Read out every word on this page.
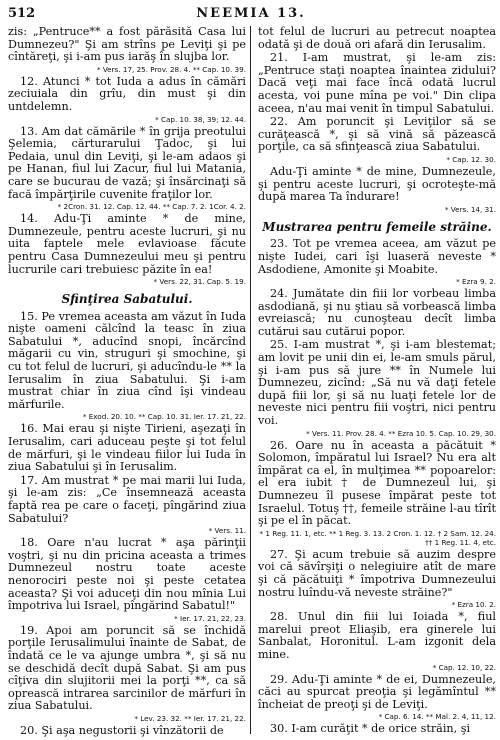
512	NEEMIA 13.

zis: „Pentruce** a fost părăsită Casa lui Dumnezeu?" Şi am strîns pe Leviţi şi pe cîntăreţi, şi i-am pus iarăş în slujba lor.

* Vers. 17, 25. Prov. 28. 4. ** Cap. 10. 39.

12. Atunci * tot Iuda a adus în cămări zeciuiala din grîu, din must şi din untdelemn.

* Cap. 10. 38, 39; 12. 44.

13. Am dat cămările * în grija preotului Şelemia, cărturarului Ţadoc, şi lui Pedaia, unul din Leviţi, şi le-am adaos şi pe Hanan, fiul lui Zacur, fiul lui Matania, care se bucurau de vază; şi însărcinaţi să facă împărţirile cuvenite fraţilor lor.

* 2Cron. 31. 12. Cap. 12. 44. ** Cap. 7. 2. 1Cor. 4. 2.

14. Adu-Ţi aminte * de mine, Dumnezeule, pentru aceste lucruri, şi nu uita faptele mele evlavioase făcute pentru Casa Dumnezeului meu şi pentru lucrurile cari trebuiesc păzite în ea!

* Vers. 22, 31. Cap. 5. 19.

Sfinţirea Sabatului.

15. Pe vremea aceasta am văzut în Iuda nişte oameni călcînd la teasc în ziua Sabatului *, aducînd snopi, încărcînd măgarii cu vin, struguri şi smochine, şi cu tot felul de lucruri, şi aducîndu-le ** la Ierusalim în ziua Sabatului. Şi i-am mustrat chiar în ziua cînd îşi vindeau mărfurile.

* Exod. 20. 10. ** Cap. 10. 31. Ier. 17. 21, 22.

16. Mai erau şi nişte Tirieni, aşezaţi în Ierusalim, cari aduceau peşte şi tot felul de mărfuri, şi le vindeau fiilor lui Iuda în ziua Sabatului şi în Ierusalim.

17. Am mustrat * pe mai marii lui Iuda, şi le-am zis: „Ce însemnează aceasta faptă rea pe care o faceţi, pîngărind ziua Sabatului?

* Vers. 11.

18. Oare n'au lucrat * aşa părinţii voştri, şi nu din pricina aceasta a trimes Dumnezeul nostru toate aceste nenorociri peste noi şi peste cetatea aceasta? Şi voi aduceţi din nou mînia Lui împotriva lui Israel, pîngărind Sabatul!"

* Ier. 17. 21, 22, 23.

19. Apoi am poruncit să se închidă porţile Ierusalimului înainte de Sabat, de îndată ce le va ajunge umbra *, şi să nu se deschidă decît după Sabat. Şi am pus cîţiva din slujitorii mei la porţi **, ca să oprească intrarea sarcinilor de mărfuri în ziua Sabatului.

* Lev. 23. 32. ** Ier. 17. 21, 22.

20. Şi aşa negustorii şi vînzătorii de

tot felul de lucruri au petrecut noaptea odată şi de două ori afară din Ierusalim.

21. I-am mustrat, şi le-am zis: „Pentruce staţi noaptea înaintea zidului? Dacă veţi mai face încă odată lucrul acesta, voi pune mîna pe voi." Din clipa aceea, n'au mai venit în timpul Sabatului.

22. Am poruncit şi Leviţilor să se curăţească *, şi să vină să păzească porţile, ca să sfinţească ziua Sabatului.

* Cap. 12. 30.

Adu-Ţi aminte * de mine, Dumnezeule, şi pentru aceste lucruri, şi ocroteşte-mă după marea Ta îndurare!

* Vers. 14, 31.

Mustrarea pentru femeile străine.

23. Tot pe vremea aceea, am văzut pe nişte Iudei, cari îşi luaseră neveste * Asdodiene, Amonite şi Moabite.

* Ezra 9. 2.

24. Jumătate din fiii lor vorbeau limba asdodiană, şi nu ştiau să vorbească limba evreiască; nu cunoşteau decît limba cutărui sau cutărui popor.

25. I-am mustrat *, şi i-am blestemat; am lovit pe unii din ei, le-am smuls părul, şi i-am pus să jure ** în Numele lui Dumnezeu, zicînd: „Să nu vă daţi fetele după fiii lor, şi să nu luaţi fetele lor de neveste nici pentru fiii voştri, nici pentru voi.

* Vers. 11. Prov. 28. 4. ** Ezra 10. 5. Cap. 10. 29, 30.

26. Oare nu în aceasta a păcătuit * Solomon, împăratul lui Israel? Nu era alt împărat ca el, în mulţimea ** popoarelor: el era iubit † de Dumnezeul lui, şi Dumnezeu îl pusese împărat peste tot Israelul. Totuş ††, femeile străine l-au tîrît şi pe el în păcat.

* 1 Reg. 11. 1, etc. ** 1 Reg. 3. 13. 2 Cron. 1. 12. † 2 Sam. 12. 24. †† 1 Reg. 11. 4, etc.

27. Şi acum trebuie să auzim despre voi că săvîrşiţi o nelegiuire atît de mare şi că păcătuiţi * împotriva Dumnezeului nostru luîndu-vă neveste străine?"

* Ezra 10. 2.

28. Unul din fiii lui Ioiada *, fiul marelui preot Eliaşib, era ginerele lui Sanbalat, Horonitul. L-am izgonit dela mine.

* Cap. 12. 10, 22.

29. Adu-Ţi aminte * de ei, Dumnezeule, căci au spurcat preoţia şi legămîntul ** încheiat de preoţi şi de Leviţi.

* Cap. 6. 14. ** Mal. 2. 4, 11, 12.

30. I-am curăţit * de orice străin, şi
